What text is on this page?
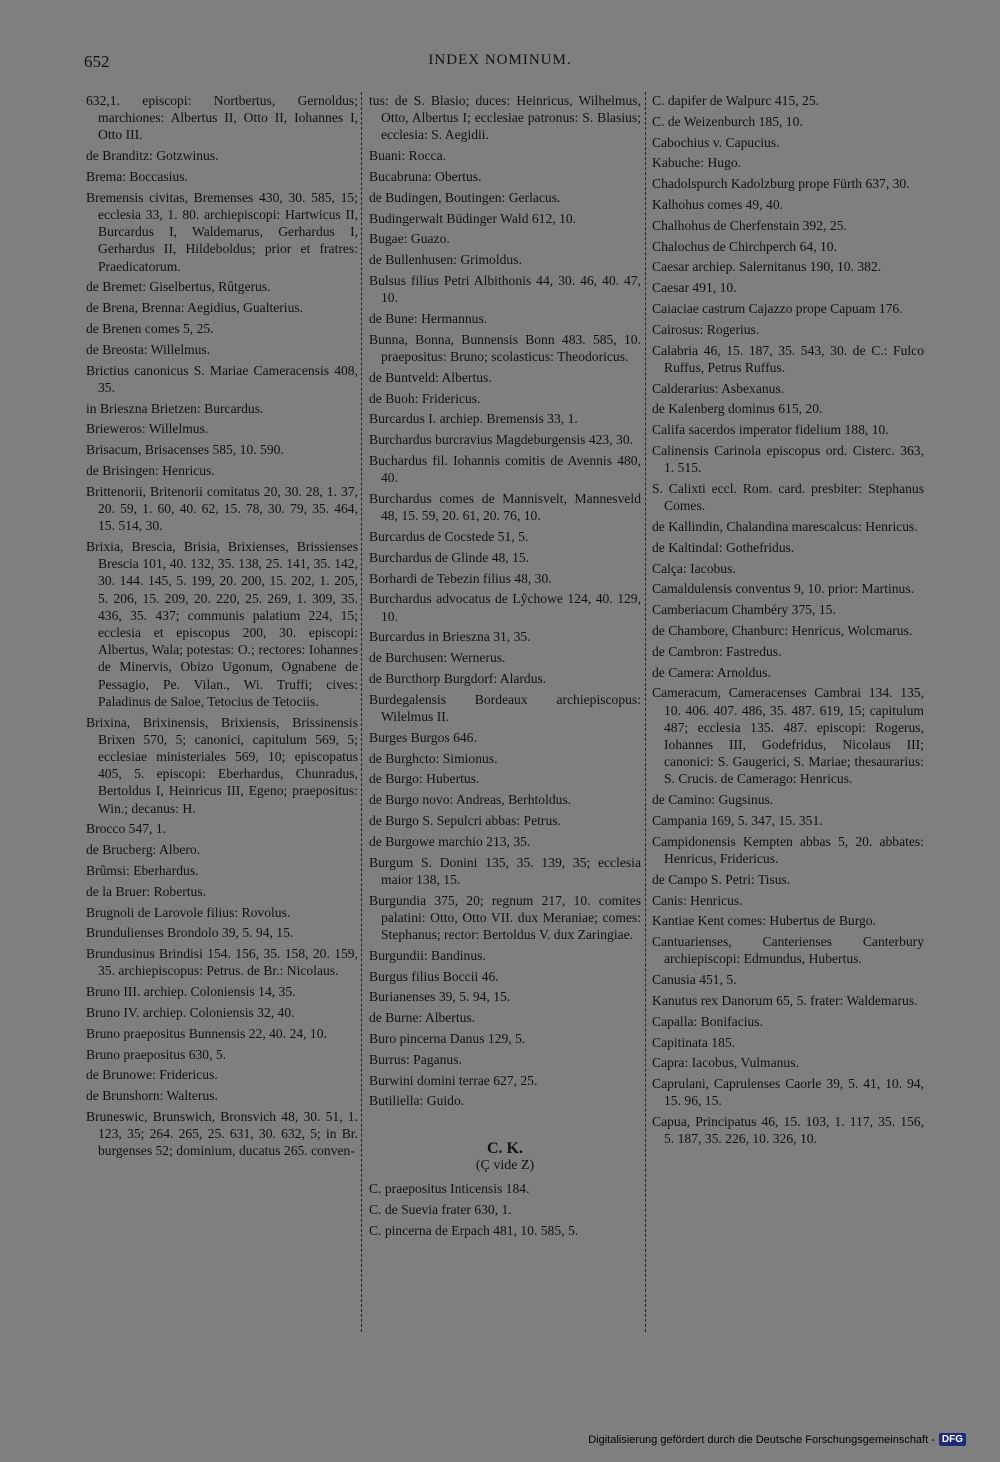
652	INDEX NOMINUM.

632,1. episcopi: Nortbertus, Gernoldus; marchiones: Albertus II, Otto II, Iohannes I, Otto III.

de Branditz: Gotzwinus.

Brema: Boccasius.

Bremensis civitas, Bremenses 430, 30. 585, 15; ecclesia 33, 1. 80. archiepiscopi: Hartwicus II, Burcardus I, Waldemarus, Gerhardus I, Gerhardus II, Hildeboldus; prior et fratres: Praedicatorum.

de Bremet: Giselbertus, Rûtgerus.

de Brena, Brenna: Aegidius, Gualterius.

de Brenen comes 5, 25.

de Breosta: Willelmus.

Brictius canonicus S. Mariae Cameracensis 408, 35.

in Brieszna Brietzen: Burcardus.

Brieweros: Willelmus.

Brisacum, Brisacenses 585, 10. 590.

de Brisingen: Henricus.

Brittenorii, Britenorii comitatus 20, 30. 28, 1. 37, 20. 59, 1. 60, 40. 62, 15. 78, 30. 79, 35. 464, 15. 514, 30.

Brixia, Brescia, Brisia, Brixienses, Brissienses Brescia 101, 40. 132, 35. 138, 25. 141, 35. 142, 30. 144. 145, 5. 199, 20. 200, 15. 202, 1. 205, 5. 206, 15. 209, 20. 220, 25. 269, 1. 309, 35. 436, 35. 437; communis palatium 224, 15; ecclesia et episcopus 200, 30. episcopi: Albertus, Wala; potestas: O.; rectores: Iohannes de Minervis, Obizo Ugonum, Ognabene de Pessagio, Pe. Vilan., Wi. Truffi; cives: Paladinus de Saloe, Tetocius de Tetociis.

Brixina, Brixinensis, Brixiensis, Brissinensis Brixen 570, 5; canonici, capitulum 569, 5; ecclesiae ministeriales 569, 10; episcopatus 405, 5. episcopi: Eberhardus, Chunradus, Bertoldus I, Heinricus III, Egeno; praepositus: Win.; decanus: H.

Brocco 547, 1.

de Brucberg: Albero.

Brûmsi: Eberhardus.

de la Bruer: Robertus.

Brugnoli de Larovole filius: Rovolus.

Brundulienses Brondolo 39, 5. 94, 15.

Brundusinus Brindisi 154. 156, 35. 158, 20. 159, 35. archiepiscopus: Petrus. de Br.: Nicolaus.

Bruno III. archiep. Coloniensis 14, 35.

Bruno IV. archiep. Coloniensis 32, 40.

Bruno praepositus Bunnensis 22, 40. 24, 10.

Bruno praepositus 630, 5.

de Brunowe: Fridericus.

de Brunshorn: Walterus.

Bruneswic, Brunswich, Bronsvich 48, 30. 51, 1. 123, 35; 264. 265, 25. 631, 30. 632, 5; in Br. burgenses 52; dominium, ducatus 265. conven-

tus: de S. Blasio; duces: Heinricus, Wilhelmus, Otto, Albertus I; ecclesiae patronus: S. Blasius; ecclesia: S. Aegidii.

Buani: Rocca.

Bucabruna: Obertus.

de Budingen, Boutingen: Gerlacus.

Budingerwalt Büdinger Wald 612, 10.

Bugae: Guazo.

de Bullenhusen: Grimoldus.

Bulsus filius Petri Albithonis 44, 30. 46, 40. 47, 10.

de Bune: Hermannus.

Bunna, Bonna, Bunnensis Bonn 483. 585, 10. praepositus: Bruno; scolasticus: Theodoricus.

de Buntveld: Albertus.

de Buoh: Fridericus.

Burcardus I. archiep. Bremensis 33, 1.

Burchardus burcravius Magdeburgensis 423, 30.

Buchardus fil. Iohannis comitis de Avennis 480, 40.

Burchardus comes de Mannisvelt, Mannesveld 48, 15. 59, 20. 61, 20. 76, 10.

Burcardus de Cocstede 51, 5.

Burchardus de Glinde 48, 15.

Borhardi de Tebezin filius 48, 30.

Burchardus advocatus de Lŷchowe 124, 40. 129, 10.

Burcardus in Brieszna 31, 35.

de Burchusen: Wernerus.

de Burcthorp Burgdorf: Alardus.

Burdegalensis Bordeaux archiepiscopus: Wilelmus II.

Burges Burgos 646.

de Burghcto: Simionus.

de Burgo: Hubertus.

de Burgo novo: Andreas, Berhtoldus.

de Burgo S. Sepulcri abbas: Petrus.

de Burgowe marchio 213, 35.

Burgum S. Donini 135, 35. 139, 35; ecclesia maior 138, 15.

Burgundia 375, 20; regnum 217, 10. comites palatini: Otto, Otto VII. dux Meraniae; comes: Stephanus; rector: Bertoldus V. dux Zaringiae.

Burgundii: Bandinus.

Burgus filius Boccii 46.

Burianenses 39, 5. 94, 15.

de Burne: Albertus.

Buro pincerna Danus 129, 5.

Burrus: Paganus.

Burwini domini terrae 627, 25.

Butiliella: Guido.

C. K.
(Ç vide Z)

C. praepositus Inticensis 184.

C. de Suevia frater 630, 1.

C. pincerna de Erpach 481, 10. 585, 5.

C. dapifer de Walpurc 415, 25.

C. de Weizenburch 185, 10.

Cabochius v. Capucius.

Kabuche: Hugo.

Chadolspurch Kadolzburg prope Fürth 637, 30.

Kalhohus comes 49, 40.

Chalhohus de Cherfenstain 392, 25.

Chalochus de Chirchperch 64, 10.

Caesar archiep. Salernitanus 190, 10. 382.

Caesar 491, 10.

Caiaciae castrum Cajazzo prope Capuam 176.

Cairosus: Rogerius.

Calabria 46, 15. 187, 35. 543, 30. de C.: Fulco Ruffus, Petrus Ruffus.

Calderarius: Asbexanus.

de Kalenberg dominus 615, 20.

Califa sacerdos imperator fidelium 188, 10.

Calinensis Carinola episcopus ord. Cisterc. 363, 1. 515.

S. Calixti eccl. Rom. card. presbiter: Stephanus Comes.

de Kallindin, Chalandina marescalcus: Henricus.

de Kaltindal: Gothefridus.

Calça: Iacobus.

Camaldulensis conventus 9, 10. prior: Martinus.

Camberiacum Chambéry 375, 15.

de Chambore, Chanburc: Henricus, Wolcmarus.

de Cambron: Fastredus.

de Camera: Arnoldus.

Cameracum, Cameracenses Cambrai 134. 135, 10. 406. 407. 486, 35. 487. 619, 15; capitulum 487; ecclesia 135. 487. episcopi: Rogerus, Iohannes III, Godefridus, Nicolaus III; canonici: S. Gaugerici, S. Mariae; thesaurarius: S. Crucis. de Camerago: Henricus.

de Camino: Gugsinus.

Campania 169, 5. 347, 15. 351.

Campidonensis Kempten abbas 5, 20. abbates: Henricus, Fridericus.

de Campo S. Petri: Tisus.

Canis: Henricus.

Kantiae Kent comes: Hubertus de Burgo.

Cantuarienses, Canterienses Canterbury archiepiscopi: Edmundus, Hubertus.

Canusia 451, 5.

Kanutus rex Danorum 65, 5. frater: Waldemarus.

Capalla: Bonifacius.

Capitinata 185.

Capra: Iacobus, Vulmanus.

Caprulani, Caprulenses Caorle 39, 5. 41, 10. 94, 15. 96, 15.

Capua, Principatus 46, 15. 103, 1. 117, 35. 156, 5. 187, 35. 226, 10. 326, 10.

Digitalisierung gefördert durch die Deutsche Forschungsgemeinschaft - DFG
